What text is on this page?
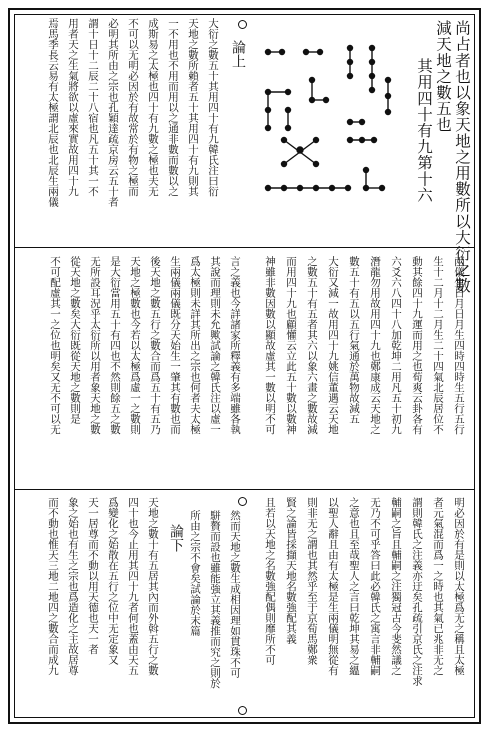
尚占者也以象天地之用數所以大衍之數
減天地之數五也
其用四十有九第十六
論上
大衍之數五十其用四十有九韓氏注曰衍
天地之數所賴者五十其用四十有九則其
一不用也不用而用以之通非數而數以之
成斯易之太極也四十有九數之極也夫无
不可以无明必因於有故常於有物之極而
必明其所由之宗也孔穎達疏京房云五十者
謂十日十二辰二十八宿也凡五十其一不
用者天之生氣將欲以虛來實故用四十九
焉馬季長云易有太極謂北辰也北辰生兩儀
兩儀生日月日月生四時四時生五行五行
生十二月十二月生二十四氣北辰居位不
動其餘四十九運而用之也荀爽云卦各有
六爻六八四十八加乾坤二用凡五十初九
潛龍勿用故用四十九也鄭康成云天地之
數五十有五以五行氣通於萬物故減五
大衍又減一故用四十九姚信董遇云天地
之數五十有五者其六以象六畫之數故減
而用四十九也顧懽云立此五十數以數神
神雖非數因數以顯故虛其一數以明不可
言之義也今詳諸家所釋義有多端雖各執
其說而理則未允歟試論之韓氏注以虛一
爲太極則未詳其所出之宗也何者夫太極
生兩儀兩儀既分天始生一肇其有數也而
後天地之數五行之數合而爲五十有五乃
天地之極數也今若以太極爲虛一之數則
是大衍當用五十有四也不然則餘五之數
无所設耳況乎太衍所以用者象天地之數
從天地之數矣大衍既從天地之數則是
不可配虛其一之位也明矣又无不可以无
明必因於有是則以太極爲无之稱且太極
者元氣混而爲一之時也其氣已兆非无之
謂則韓氏之注義亦迂矣孔疏引京氏之注求
輔嗣之旨且輔嗣之注獨冠古今斐然議之
无乃不可乎答曰此必韓氏之寓言非輔嗣
之意也且至哉聖人之言曰乾坤其易之縕
以聖人辭且由有太極是生兩儀明無從有
則非无之謂也其然乎至于京荀馬鄭衆
賢之論皆採擷天地名數強配其義
且若以天地之名數強配偶則靡所不可
然而天地之數生成相因理如貫珠不可
駢贅而設也雖能強立其義推而究之則於
所由之宗不會矣試論於末篇
論下
天地之數十有五居其內而外斡五行之數
四十也今止用其四十九者何也蓋由天五
爲變化之始散在五行之位中无定象又
天一居尊而不動以用天德也天一者
象之始也有生之宗也爲造化之主故居尊
而不動也惟天三地二地四之數合而成九
